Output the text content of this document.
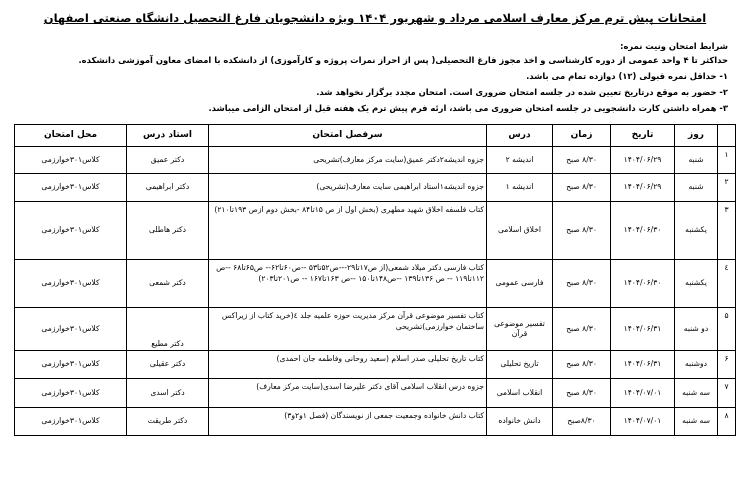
امتحانات پیش ترم مرکز معارف اسلامی مرداد و شهریور ۱۴۰۴ ویژه دانشجویان فارغ التحصیل دانشگاه صنعتی اصفهان
شرایط امتحان ونیت نمره:
حداکثر تا ۴ واحد عمومی از دوره کارشناسی و اخذ مجوز فارغ التحصیلی( پس از احراز نمرات پروژه و کارآموزی) از دانشکده با امضای معاون آموزشی دانشکده.
۱- حداقل نمره قبولی (۱۲) دوازده تمام می باشد.
۲- حضور به موقع درتاریخ تعیین شده در جلسه امتحان ضروری است. امتحان مجدد برگزار نخواهد شد.
۳- همراه داشتن کارت دانشجویی در جلسه امتحان ضروری می باشد، ارئه فرم پیش ترم یک هفته قبل از امتحان الزامی میباشد.
	روز	تاریخ	زمان	درس	سرفصل امتحان	استاد درس	محل امتحان
۱	شنبه	۱۴۰۴/۰۶/۲۹	۸/۳۰ صبح	اندیشه ۲	جزوه اندیشه۲دکتر عمیق(سایت مرکز معارف)تشریحی	دکتر عمیق	کلاس۳۰۱خوارزمی
۲	شنبه	۱۴۰۴/۰۶/۲۹	۸/۳۰ صبح	اندیشه ۱	جزوه اندیشه۱استاد ابراهیمی سایت معارف(تشریحی)	دکتر ابراهیمی	کلاس۳۰۱خوارزمی
۳	یکشنبه	۱۴۰۴/۰۶/۳۰	۸/۳۰ صبح	اخلاق اسلامی	کتاب فلسفه اخلاق شهید مطهری (بخش اول از ص ۱۵تا۸۴ -بخش دوم ازص ۱۹۳تا۲۱۰)	دکتر هاطلی	کلاس۳۰۱خوارزمی
٤	یکشنبه	۱۴۰۴/۰۶/۳۰	۸/۳۰ صبح	فارسی عمومی	کتاب فارسی دکتر میلاد شمعی(از ص۱۷تا۲۹---ص۵۲تا۵۳ --ص۶۰تا۶۲-- ص۶۵تا۶۸ --ص ۱۱۲تا۱۱۹ -- ص ۱۳۶تا۱۳۹ --ص۱۴۸تا۱۵۰ --ص ۱۶۳تا۱۶۷ -- ص۲۰۱تا۲۰۳)	دکتر شمعی	کلاس۳۰۱خوارزمی
۵	دو شنبه	۱۴۰۴/۰۶/۳۱	۸/۳۰ صبح	تفسیر موضوعی قرآن	کتاب تفسیر موضوعی قرآن مرکز مدیریت حوزه علمیه جلد ٤(خرید کتاب از زیراکس ساختمان خوارزمی)تشریحی	دکتر مطیع	کلاس۳۰۱خوارزمی
۶	دوشنبه	۱۴۰۴/۰۶/۳۱	۸/۳۰ صبح	تاریخ تحلیلی	کتاب تاریخ تحلیلی صدر اسلام (سعید روحانی وفاطمه جان احمدی)	دکتر عقیلی	کلاس۳۰۱خوارزمی
۷	سه شنبه	۱۴۰۴/۰۷/۰۱	۸/۳۰ صبح	انقلاب اسلامی	جزوه درس انقلاب اسلامی آقای دکتر علیرضا اسدی(سایت مرکز معارف)	دکتر اسدی	کلاس۳۰۱خوارزمی
۸	سه شنبه	۱۴۰۴/۰۷/۰۱	۸/۳۰صبح	دانش خانواده	کتاب دانش خانواده وجمعیت جمعی از نویسندگان (فصل ۱و۲و۳)	دکتر طریقت	کلاس۳۰۱خوارزمی
